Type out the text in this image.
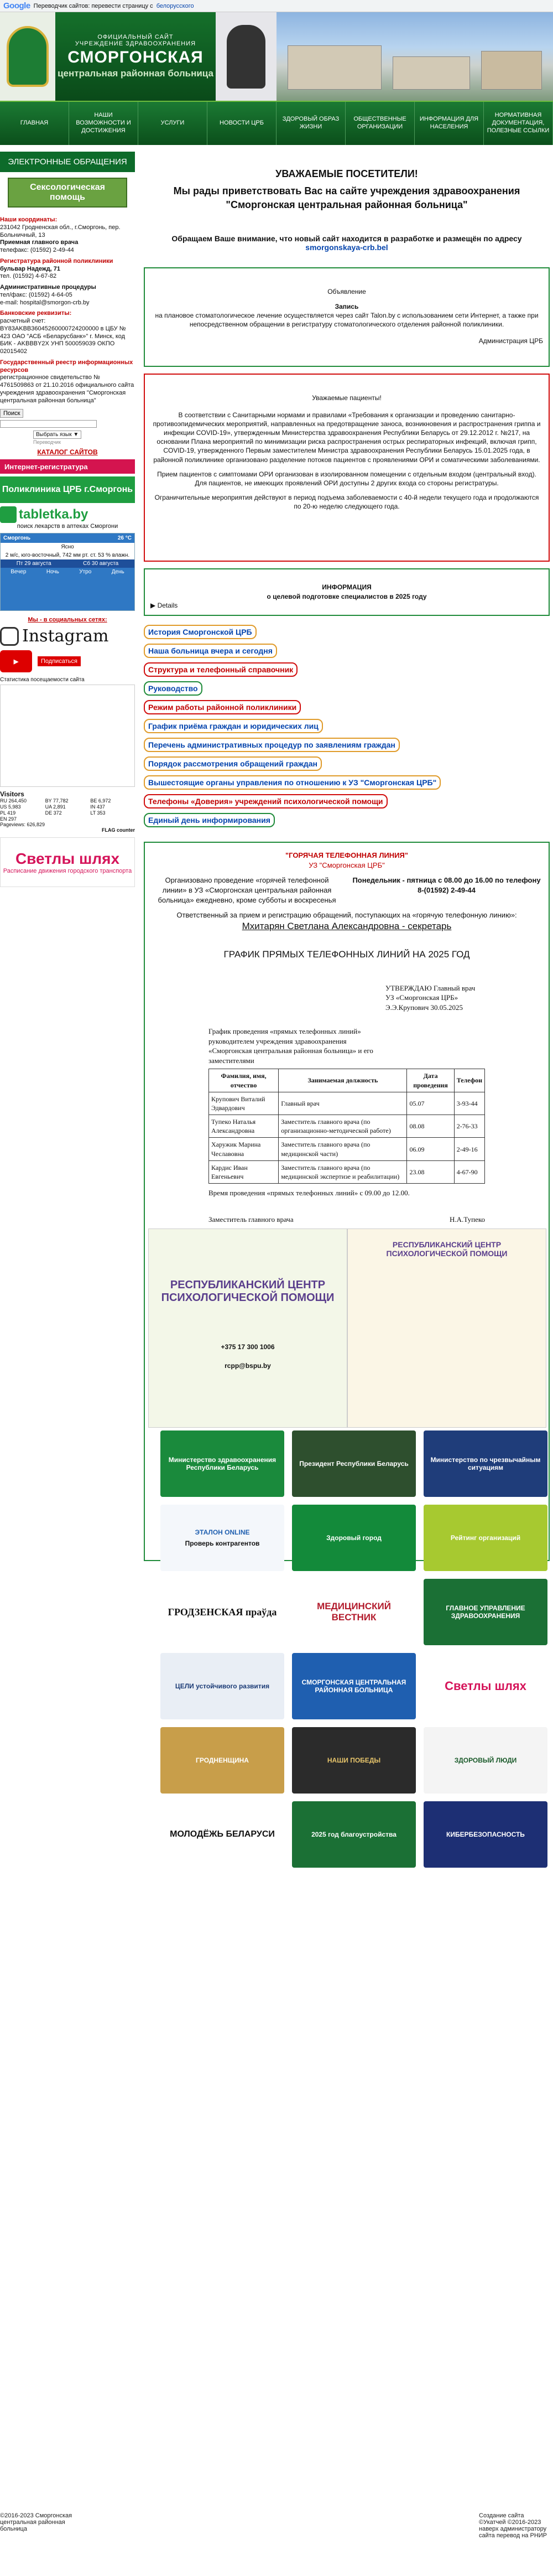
Google Переводчик сайтов: перевести страницу с белорусского
ОФИЦИАЛЬНЫЙ САЙТ
УЧРЕЖДЕНИЕ ЗДРАВООХРАНЕНИЯ
СМОРГОНСКАЯ
центральная районная больница
ГЛАВНАЯ
НАШИ ВОЗМОЖНОСТИ И ДОСТИЖЕНИЯ
УСЛУГИ	НОВОСТИ ЦРБ
ЗДОРОВЫЙ ОБРАЗ ЖИЗНИ
ОБЩЕСТВЕННЫЕ ОРГАНИЗАЦИИ
ИНФОРМАЦИЯ ДЛЯ НАСЕЛЕНИЯ
НОРМАТИВНАЯ ДОКУМЕНТАЦИЯ, ПОЛЕЗНЫЕ ССЫЛКИ
ЭЛЕКТРОННЫЕ ОБРАЩЕНИЯ
Сексологическая помощь
Наши координаты:
231042 Гродненская обл., г.Сморгонь, пер. Больничный, 13
Приемная главного врача
телефакс: (01592) 2-49-44
Регистратура районной поликлиники
бульвар Надежд, 71
тел. (01592) 4-67-82
Административные процедуры
тел/факс: (01592) 4-64-05
e-mail: hospital@smorgon-crb.by
Банковские реквизиты:
расчетный счет: BY83AKBB36045260000724200000 в ЦБУ № 423 ОАО "АСБ «Беларусбанк»" г. Минск, код БИК - AKBBBY2X УНП 500059039 ОКПО 02015402
Государственный реестр информационных ресурсов
регистрационное свидетельство № 4761509863 от 21.10.2016 официального сайта учреждения здравоохранения "Сморгонская центральная районная больница"
Поиск

Выбрать язык ▼
Переводчик
КАТАЛОГ САЙТОВ
Интернет-регистратура
Поликлиника ЦРБ г.Сморгонь
tabletka.by
поиск лекарств в аптеках Сморгони
Сморгонь	26 °C
Ясно
2 м/с, юго-восточный, 742 мм рт. ст. 53 % влажн.
Пт 29 августа	Сб 30 августа
Вечер	Ночь	Утро	День
Мы - в социальных сетях:
Instagram
▶	Подписаться
Статистика посещаемости сайта
Visitors
RU 264,450	BY 77,782	BE 6,972
US 5,983	UA 2,891	IN 437
PL 419	DE 372	LT 353
EN 297
Pageviews: 626,829
FLAG counter
Светлы шлях
Расписание движения городского транспорта
УВАЖАЕМЫЕ ПОСЕТИТЕЛИ!
Мы рады приветствовать Вас на сайте учреждения здравоохранения
"Сморгонская центральная районная больница"
Обращаем Ваше внимание, что новый сайт находится в разработке и размещён по адресу
smorgonskaya-crb.bel
Объявление
Запись
на плановое стоматологическое лечение осуществляется через сайт Talon.by с использованием сети Интернет, а также при непосредственном обращении в регистратуру стоматологического отделения районной поликлиники.
Администрация ЦРБ
Уважаемые пациенты!
В соответствии с Санитарными нормами и правилами «Требования к организации и проведению санитарно-противоэпидемических мероприятий, направленных на предотвращение заноса, возникновения и распространения гриппа и инфекции COVID-19», утвержденным Министерства здравоохранения Республики Беларусь от 29.12.2012 г. №217, на основании Плана мероприятий по минимизации риска распространения острых респираторных инфекций, включая грипп, COVID-19, утвержденного Первым заместителем Министра здравоохранения Республики Беларусь 15.01.2025 года, в районной поликлинике организовано разделение потоков пациентов с проявлениями ОРИ и соматическими заболеваниями.
Прием пациентов с симптомами ОРИ организован в изолированном помещении с отдельным входом (центральный вход). Для пациентов, не имеющих проявлений ОРИ доступны 2 других входа со стороны регистратуры.
Ограничительные мероприятия действуют в период подъема заболеваемости с 40-й недели текущего года и продолжаются по 20-ю неделю следующего года.
ИНФОРМАЦИЯ
о целевой подготовке специалистов в 2025 году
▶ Details
История Сморгонской ЦРБ
Наша больница вчера и сегодня
Структура и телефонный справочник
Руководство
Режим работы районной поликлиники
График приёма граждан и юридических лиц
Перечень административных процедур по заявлениям граждан
Порядок рассмотрения обращений граждан
Вышестоящие органы управления по отношению к УЗ "Сморгонская ЦРБ"
Телефоны «Доверия» учреждений психологической помощи
Единый день информирования
"ГОРЯЧАЯ ТЕЛЕФОННАЯ ЛИНИЯ"
УЗ "Сморгонская ЦРБ"
Организовано проведение «горячей телефонной линии» в УЗ «Сморгонская центральная районная больница» ежедневно, кроме субботы и воскресенья
Понедельник - пятница с 08.00 до 16.00 по телефону 8-(01592) 2-49-44
Ответственный за прием и регистрацию обращений, поступающих на «горячую телефонную линию»:
Мхитарян Светлана Александровна - секретарь
ГРАФИК ПРЯМЫХ ТЕЛЕФОННЫХ ЛИНИЙ НА 2025 ГОД
УТВЕРЖДАЮ Главный врач УЗ «Сморгонская ЦРБ» Э.Э.Крупович 30.05.2025
График проведения «прямых телефонных линий» руководителем учреждения здравоохранения «Сморгонская центральная районная больница» и его заместителями
Фамилия, имя, отчество	Занимаемая должность	Дата проведения	Телефон
Крупович Виталий Эдвардович	Главный врач	05.07	3-93-44
Тупеко Наталья Александровна	Заместитель главного врача (по организационно-методической работе)	08.08	2-76-33
Харужик Марина Чеславовна	Заместитель главного врача (по медицинской части)	06.09	2-49-16
Кардис Иван Евгеньевич	Заместитель главного врача (по медицинской экспертизе и реабилитации)	23.08	4-67-90
Время проведения «прямых телефонных линий» с 09.00 до 12.00.
Заместитель главного врача	Н.А.Тупеко
РЕСПУБЛИКАНСКИЙ ЦЕНТР ПСИХОЛОГИЧЕСКОЙ ПОМОЩИ
+375 17 300 1006
rcpp@bspu.by
РЕСПУБЛИКАНСКИЙ ЦЕНТР ПСИХОЛОГИЧЕСКОЙ ПОМОЩИ
Министерство здравоохранения Республики Беларусь	Президент Республики Беларусь	Министерство по чрезвычайным ситуациям
ЭТАЛОН ONLINE
Проверь контрагентов
Здоровый город	Рейтинг организаций
ГРОДЗЕНСКАЯ праўда	МЕДИЦИНСКИЙ ВЕСТНИК
ГЛАВНОЕ УПРАВЛЕНИЕ ЗДРАВООХРАНЕНИЯ
ЦЕЛИ устойчивого развития	СМОРГОНСКАЯ ЦЕНТРАЛЬНАЯ РАЙОННАЯ БОЛЬНИЦА	Светлы шлях
ГРОДНЕНЩИНА	НАШИ ПОБЕДЫ	ЗДОРОВЫЙ ЛЮДИ
МОЛОДЁЖЬ БЕЛАРУСИ	2025 год благоустройства	КИБЕРБЕЗОПАСНОСТЬ
©2016-2023 Сморгонская центральная районная больница
Создание сайта ©Укатчей ©2016-2023 наверх администратору сайта перевод на РНИР
